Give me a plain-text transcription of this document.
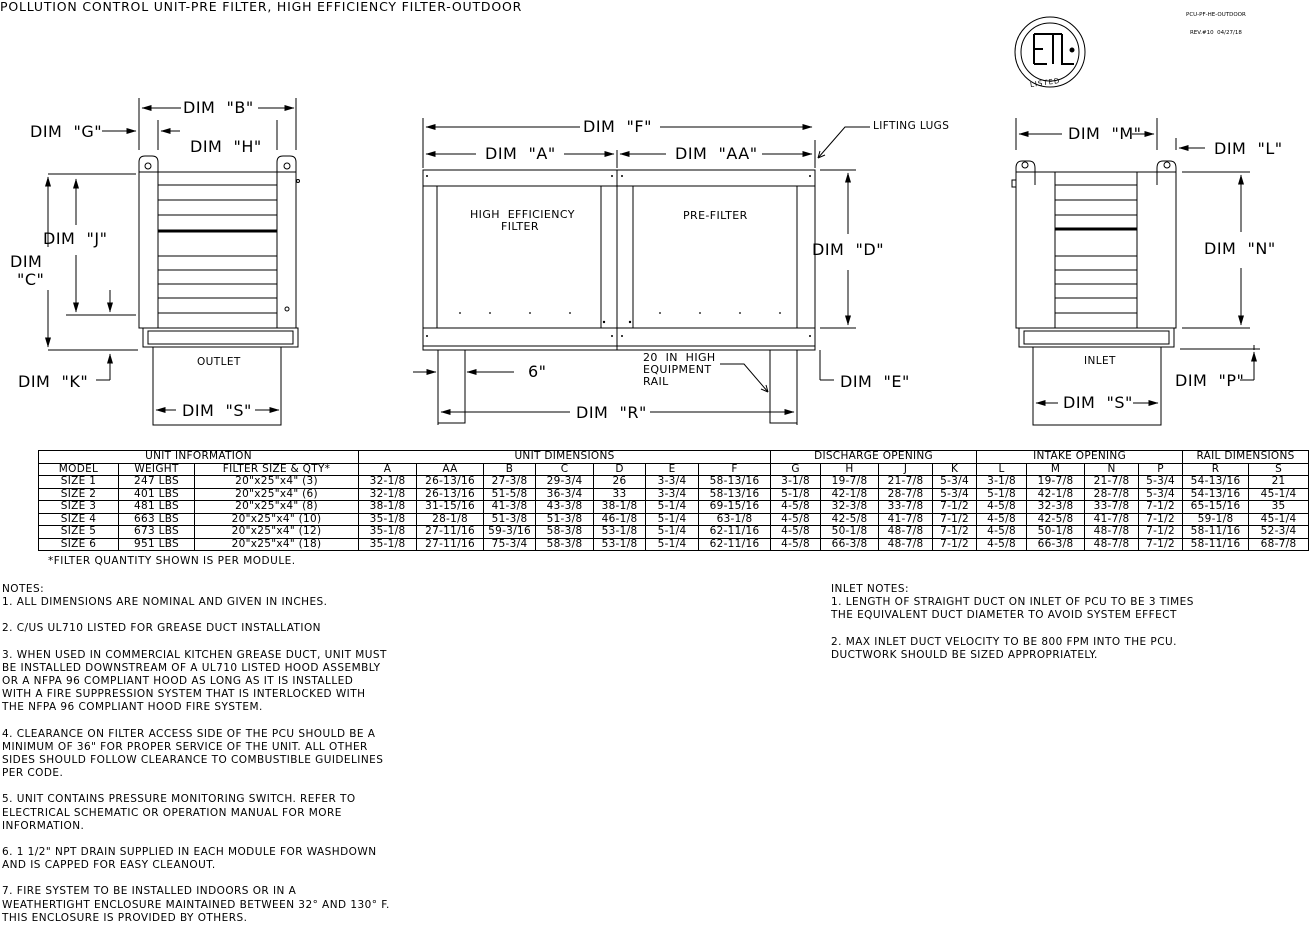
POLLUTION CONTROL UNIT-PRE FILTER, HIGH EFFICIENCY FILTER-OUTDOOR

PCU-PF-HE-OUTDOOR

REV.#10  04/27/18

LISTED
DIM  "B"
DIM  "G"
DIM  "H"
DIM  "J"
DIM
"C"
DIM  "K"
OUTLET
DIM  "S"
DIM  "F"
DIM  "A"	DIM  "AA"
LIFTING LUGS
HIGH  EFFICIENCY
FILTER
PRE-FILTER
DIM  "D"
6"
20  IN  HIGH
EQUIPMENT
RAIL	DIM  "E"
DIM  "R"
DIM  "M"
DIM  "L"
DIM  "N"
INLET
DIM  "P"
DIM  "S"
UNIT INFORMATION			UNIT DIMENSIONS							DISCHARGE OPENING				INTAKE OPENING				RAIL DIMENSIONS	
MODEL	WEIGHT	FILTER SIZE & QTY*	A	AA	B	C	D	E	F	G	H	J	K	L	M	N	P	R	S
SIZE 1	247 LBS	20"x25"x4" (3)	32-1/8	26-13/16	27-3/8	29-3/4	26	3-3/4	58-13/16	3-1/8	19-7/8	21-7/8	5-3/4	3-1/8	19-7/8	21-7/8	5-3/4	54-13/16	21
SIZE 2	401 LBS	20"x25"x4" (6)	32-1/8	26-13/16	51-5/8	36-3/4	33	3-3/4	58-13/16	5-1/8	42-1/8	28-7/8	5-3/4	5-1/8	42-1/8	28-7/8	5-3/4	54-13/16	45-1/4
SIZE 3	481 LBS	20"x25"x4" (8)	38-1/8	31-15/16	41-3/8	43-3/8	38-1/8	5-1/4	69-15/16	4-5/8	32-3/8	33-7/8	7-1/2	4-5/8	32-3/8	33-7/8	7-1/2	65-15/16	35
SIZE 4	663 LBS	20"x25"x4" (10)	35-1/8	28-1/8	51-3/8	51-3/8	46-1/8	5-1/4	63-1/8	4-5/8	42-5/8	41-7/8	7-1/2	4-5/8	42-5/8	41-7/8	7-1/2	59-1/8	45-1/4
SIZE 5	673 LBS	20"x25"x4" (12)	35-1/8	27-11/16	59-3/16	58-3/8	53-1/8	5-1/4	62-11/16	4-5/8	50-1/8	48-7/8	7-1/2	4-5/8	50-1/8	48-7/8	7-1/2	58-11/16	52-3/4
SIZE 6	951 LBS	20"x25"x4" (18)	35-1/8	27-11/16	75-3/4	58-3/8	53-1/8	5-1/4	62-11/16	4-5/8	66-3/8	48-7/8	7-1/2	4-5/8	66-3/8	48-7/8	7-1/2	58-11/16	68-7/8
*FILTER QUANTITY SHOWN IS PER MODULE.

NOTES:

1. ALL DIMENSIONS ARE NOMINAL AND GIVEN IN INCHES.

2. C/US UL710 LISTED FOR GREASE DUCT INSTALLATION

3. WHEN USED IN COMMERCIAL KITCHEN GREASE DUCT, UNIT MUST
BE INSTALLED DOWNSTREAM OF A UL710 LISTED HOOD ASSEMBLY
OR A NFPA 96 COMPLIANT HOOD AS LONG AS IT IS INSTALLED
WITH A FIRE SUPPRESSION SYSTEM THAT IS INTERLOCKED WITH
THE NFPA 96 COMPLIANT HOOD FIRE SYSTEM.

4. CLEARANCE ON FILTER ACCESS SIDE OF THE PCU SHOULD BE A
MINIMUM OF 36" FOR PROPER SERVICE OF THE UNIT. ALL OTHER
SIDES SHOULD FOLLOW CLEARANCE TO COMBUSTIBLE GUIDELINES
PER CODE.

5. UNIT CONTAINS PRESSURE MONITORING SWITCH. REFER TO
ELECTRICAL SCHEMATIC OR OPERATION MANUAL FOR MORE
INFORMATION.

6. 1 1/2" NPT DRAIN SUPPLIED IN EACH MODULE FOR WASHDOWN
AND IS CAPPED FOR EASY CLEANOUT.

7. FIRE SYSTEM TO BE INSTALLED INDOORS OR IN A
WEATHERTIGHT ENCLOSURE MAINTAINED BETWEEN 32° AND 130° F.
THIS ENCLOSURE IS PROVIDED BY OTHERS.

INLET NOTES:

1. LENGTH OF STRAIGHT DUCT ON INLET OF PCU TO BE 3 TIMES
THE EQUIVALENT DUCT DIAMETER TO AVOID SYSTEM EFFECT

2. MAX INLET DUCT VELOCITY TO BE 800 FPM INTO THE PCU.
DUCTWORK SHOULD BE SIZED APPROPRIATELY.
